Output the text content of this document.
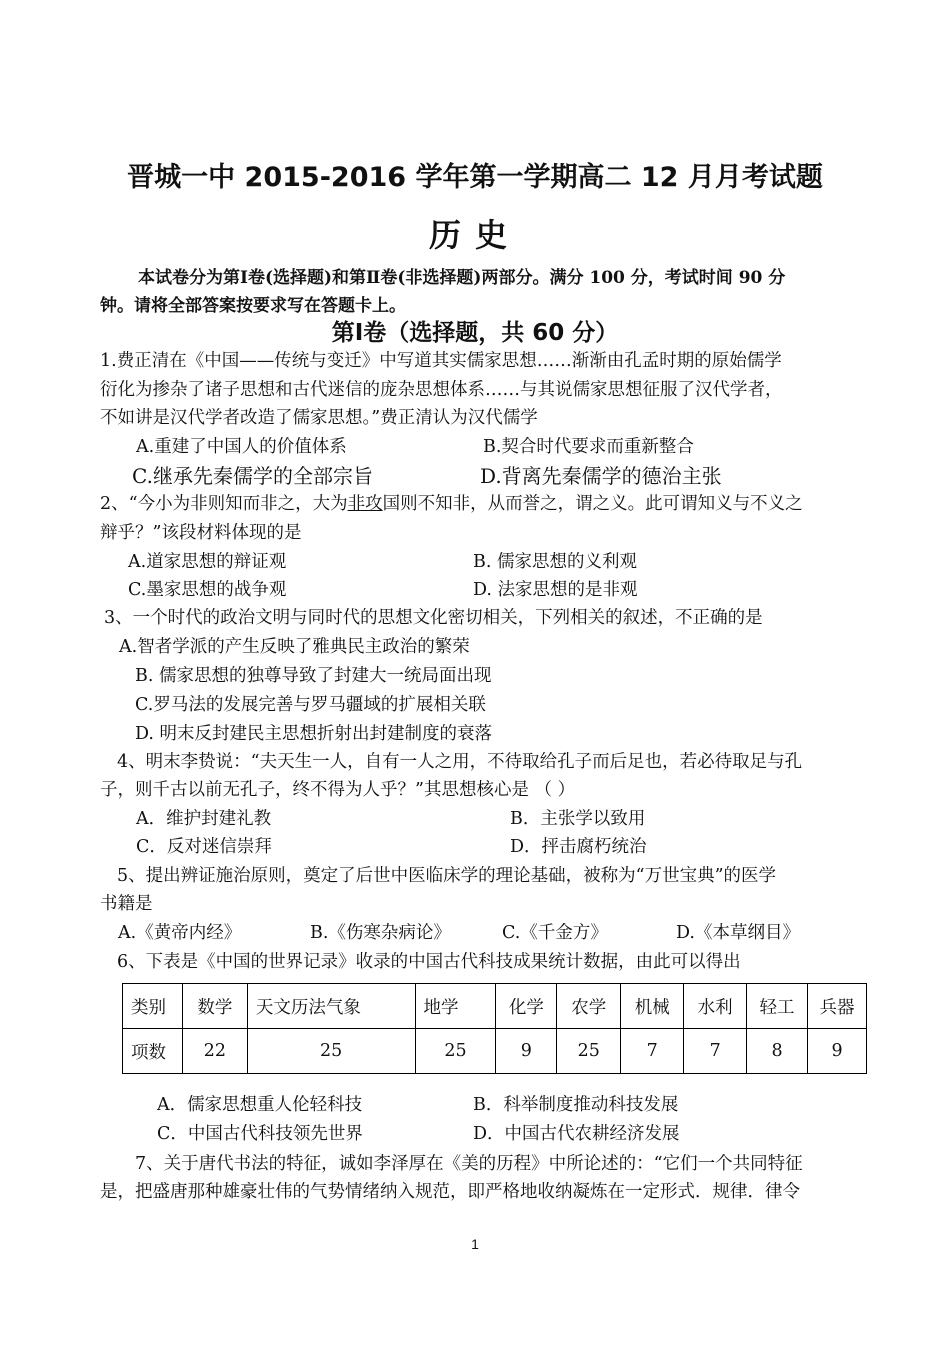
晋城一中 2015-2016 学年第一学期高二 12 月月考试题
历史
本试卷分为第Ⅰ卷(选择题)和第Ⅱ卷(非选择题)两部分。满分 100 分，考试时间 90 分
钟。请将全部答案按要求写在答题卡上。
第Ⅰ卷（选择题，共 60 分）
1.费正清在《中国——传统与变迁》中写道其实儒家思想……渐渐由孔孟时期的原始儒学
衍化为掺杂了诸子思想和古代迷信的庞杂思想体系……与其说儒家思想征服了汉代学者，
不如讲是汉代学者改造了儒家思想。”费正清认为汉代儒学
A.重建了中国人的价值体系	B.契合时代要求而重新整合
C.继承先秦儒学的全部宗旨	D.背离先秦儒学的德治主张
2、“今小为非则知而非之，大为非攻国则不知非，从而誉之，谓之义。此可谓知义与不义之
辩乎？”该段材料体现的是
A.道家思想的辩证观	B. 儒家思想的义利观
C.墨家思想的战争观	D. 法家思想的是非观
3、一个时代的政治文明与同时代的思想文化密切相关，下列相关的叙述，不正确的是
A.智者学派的产生反映了雅典民主政治的繁荣
B. 儒家思想的独尊导致了封建大一统局面出现
C.罗马法的发展完善与罗马疆域的扩展相关联
D. 明末反封建民主思想折射出封建制度的衰落
4、明末李贽说：“夫天生一人，自有一人之用，不待取给孔子而后足也，若必待取足与孔
子，则千古以前无孔子，终不得为人乎？”其思想核心是 （ ）
A．维护封建礼教	B．主张学以致用
C．反对迷信崇拜	D．抨击腐朽统治
5、提出辨证施治原则，奠定了后世中医临床学的理论基础，被称为“万世宝典”的医学
书籍是
A.《黄帝内经》	B.《伤寒杂病论》	C.《千金方》	D.《本草纲目》
6、下表是《中国的世界记录》收录的中国古代科技成果统计数据，由此可以得出
类别	数学	天文历法气象	地学	化学	农学	机械	水利	轻工	兵器
项数	22	25	25	9	25	7	7	8	9
A．儒家思想重人伦轻科技	B．科举制度推动科技发展
C．中国古代科技领先世界	D．中国古代农耕经济发展
7、关于唐代书法的特征，诚如李泽厚在《美的历程》中所论述的：“它们一个共同特征
是，把盛唐那种雄豪壮伟的气势情绪纳入规范，即严格地收纳凝炼在一定形式．规律．律令
1
